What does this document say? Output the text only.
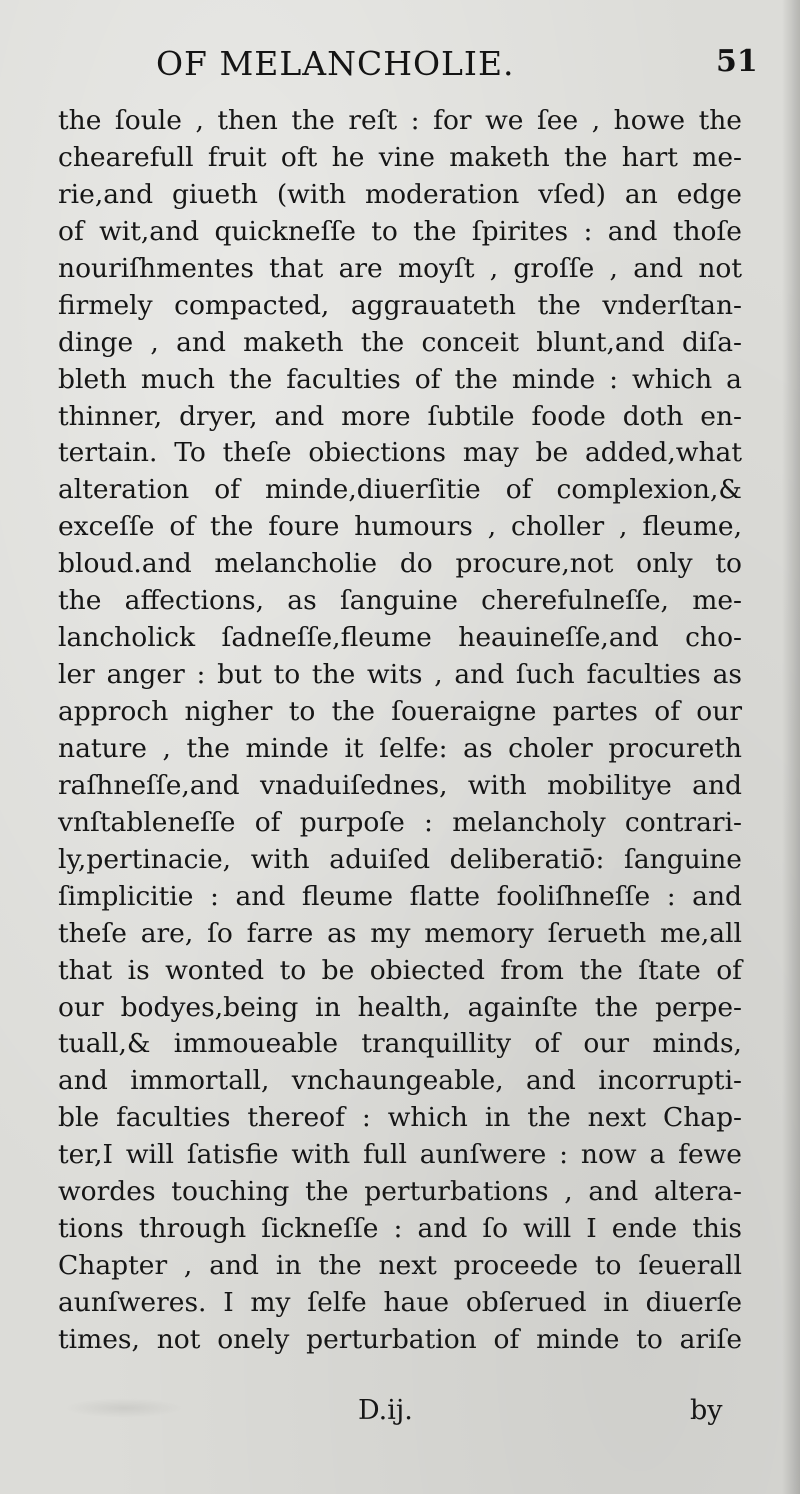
OF MELANCHOLIE.	51

the ſoule , then the reſt : for we ſee , howe the
chearefull fruit oft he vine maketh the hart me-
rie,and giueth (with moderation vſed) an edge
of wit,and quickneſſe to the ſpirites : and thoſe
nouriſhmentes that are moyſt , groſſe , and not
firmely compacted, aggrauateth the vnderſtan-
dinge , and maketh the conceit blunt,and diſa-
bleth much the faculties of the minde : which a
thinner, dryer, and more ſubtile foode doth en-
tertain. To theſe obiections may be added,what
alteration of minde,diuerſitie of complexion,&
exceſſe of the foure humours , choller , fleume,
bloud.and melancholie do procure,not only to
the affections, as ſanguine cherefulneſſe, me-
lancholick ſadneſſe,fleume heauineſſe,and cho-
ler anger : but to the wits , and ſuch faculties as
approch nigher to the ſoueraigne partes of our
nature , the minde it ſelfe: as choler procureth
raſhneſſe,and vnaduiſednes, with mobilitye and
vnſtableneſſe of purpoſe : melancholy contrari-
ly,pertinacie, with aduiſed deliberatiō: ſanguine
ſimplicitie : and fleume flatte fooliſhneſſe : and
theſe are, ſo farre as my memory ſerueth me,all
that is wonted to be obiected from the ſtate of
our bodyes,being in health, againſte the perpe-
tuall,& immoueable tranquillity of our minds,
and immortall, vnchaungeable, and incorrupti-
ble faculties thereof : which in the next Chap-
ter,I will ſatisfie with full aunſwere : now a fewe
wordes touching the perturbations , and altera-
tions through ſickneſſe : and ſo will I ende this
Chapter , and in the next proceede to ſeuerall
aunſweres. I my ſelfe haue obſerued in diuerſe
times, not onely perturbation of minde to ariſe

D.ij.	by
